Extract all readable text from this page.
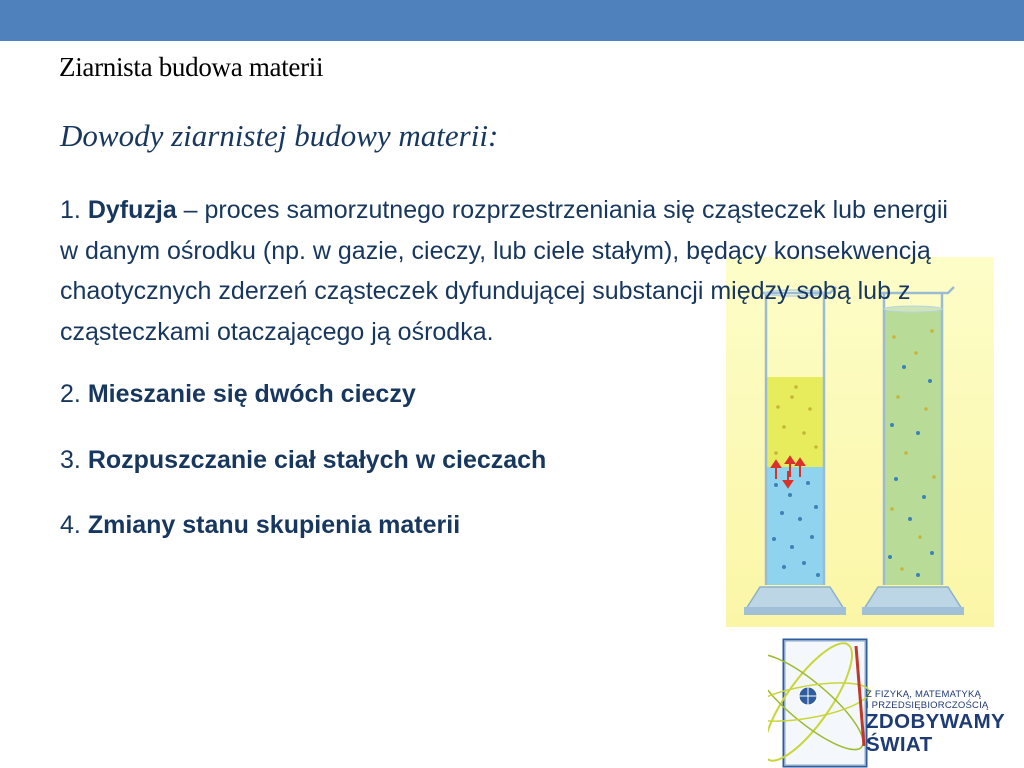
Ziarnista budowa materii
Dowody ziarnistej budowy materii:
1. Dyfuzja – proces samorzutnego rozprzestrzeniania się cząsteczek lub energii w danym ośrodku (np. w gazie, cieczy, lub ciele stałym), będący konsekwencją chaotycznych zderzeń cząsteczek dyfundującej substancji między sobą lub z cząsteczkami otaczającego ją ośrodka.
2. Mieszanie się dwóch cieczy
3. Rozpuszczanie ciał stałych w cieczach
4. Zmiany stanu skupienia materii
Z FIZYKĄ, MATEMATYKĄ
I PRZEDSIĘBIORCZOŚCIĄ
ZDOBYWAMY
ŚWIAT
